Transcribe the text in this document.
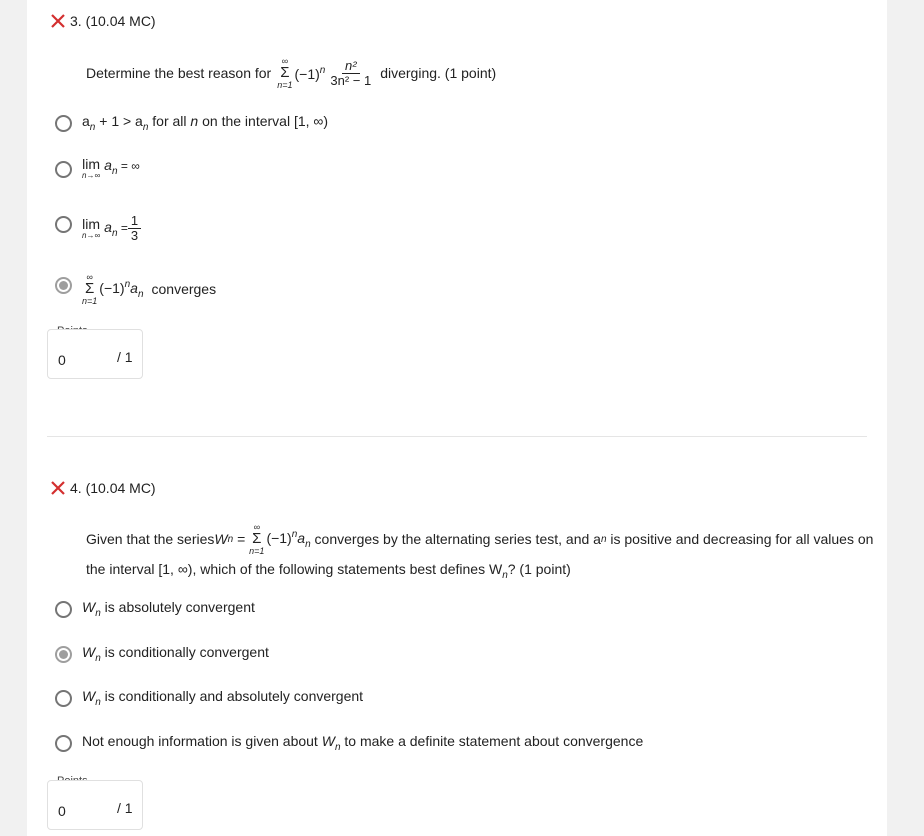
3. (10.04 MC)
Determine the best reason for
∞
Σ
n=1
$(-1)^n \frac{\text{n²}}{\text{3n² − 1}}$ diverging. (1 point)
$a_n + 1 > a_n$ for all n on the interval [1, ∞)
lim
n→∞
$a_n$ = ∞
lim
n→∞
$a_n = \frac{1}{3}$
∞
Σ
n=1
$(-1)^na_n$ converges
0	/ 1
4. (10.04 MC)
Given that the series W n =
∞
Σ
n=1
$(-1)^na_n$ converges by the alternating series test, and a n is positive and decreasing for all values on
the interval [1, ∞), which of the following statements best defines $W_n$? (1 point)
$W_n$ is absolutely convergent
$W_n$ is conditionally convergent
$W_n$ is conditionally and absolutely convergent
Not enough information is given about $W_n$ to make a definite statement about convergence
0	/ 1
